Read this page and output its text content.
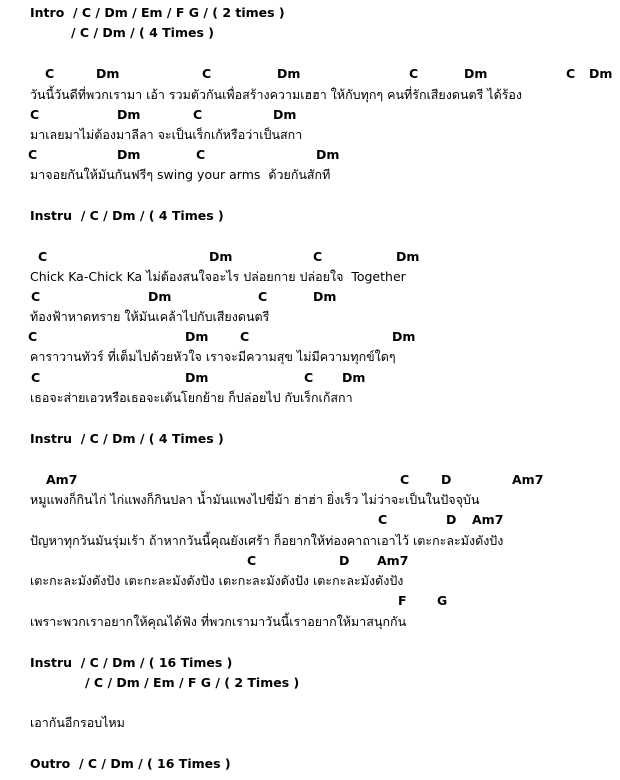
Intro  / C / Dm / Em / F G / ( 2 times )
/ C / Dm / ( 4 Times )
C	Dm	C	Dm	C	Dm	C Dm
วันนี้วันดีที่พวกเรามา เอ้า รวมตัวกันเพื่อสร้างความเฮฮา ให้กับทุกๆ คนที่รักเสียงดนตรี ได้ร้อง
C	Dm	C	Dm
มาเลยมาไม่ต้องมาลีลา จะเป็นเร็กเก้หรือว่าเป็นสกา
C	Dm	C	Dm
มาจอยกันให้มันกันฟรีๆ swing your arms  ด้วยกันสักที
Instru  / C / Dm / ( 4 Times )
C	Dm	C	Dm
Chick Ka-Chick Ka ไม่ต้องสนใจอะไร ปล่อยกาย ปล่อยใจ  Together
C	Dm	C	Dm
ท้องฟ้าหาดทราย ให้มันเคล้าไปกับเสียงดนตรี
C	Dm	C	Dm
คาราวานทัวร์ ที่เต็มไปด้วยหัวใจ เราจะมีความสุข ไม่มีความทุกข์ใดๆ
C	Dm	C Dm
เธอจะส่ายเอวหรือเธอจะเต้นโยกย้าย ก็ปล่อยไป กับเร็กเก้สกา
Instru  / C / Dm / ( 4 Times )
Am7	C	D	Am7
หมูแพงก็กินไก่ ไก่แพงก็กินปลา น้ำมันแพงไปขี่ม้า ฮ่าฮ่า ยิ่งเร็ว ไม่ว่าจะเป็นในปัจจุบัน
C	D Am7
ปัญหาทุกวันมันรุ่มเร้า ถ้าหากวันนี้คุณยังเศร้า ก็อยากให้ท่องคาถาเอาไว้ เตะกะละมังดังปัง
C	D Am7
เตะกะละมังดังปัง เตะกะละมังดังปัง เตะกะละมังดังปัง เตะกะละมังดังปัง
F G
เพราะพวกเราอยากให้คุณได้ฟัง ที่พวกเรามาวันนี้เราอยากให้มาสนุกกัน
Instru  / C / Dm / ( 16 Times )
/ C / Dm / Em / F G / ( 2 Times )
เอากันอีกรอบไหม
Outro  / C / Dm / ( 16 Times )
